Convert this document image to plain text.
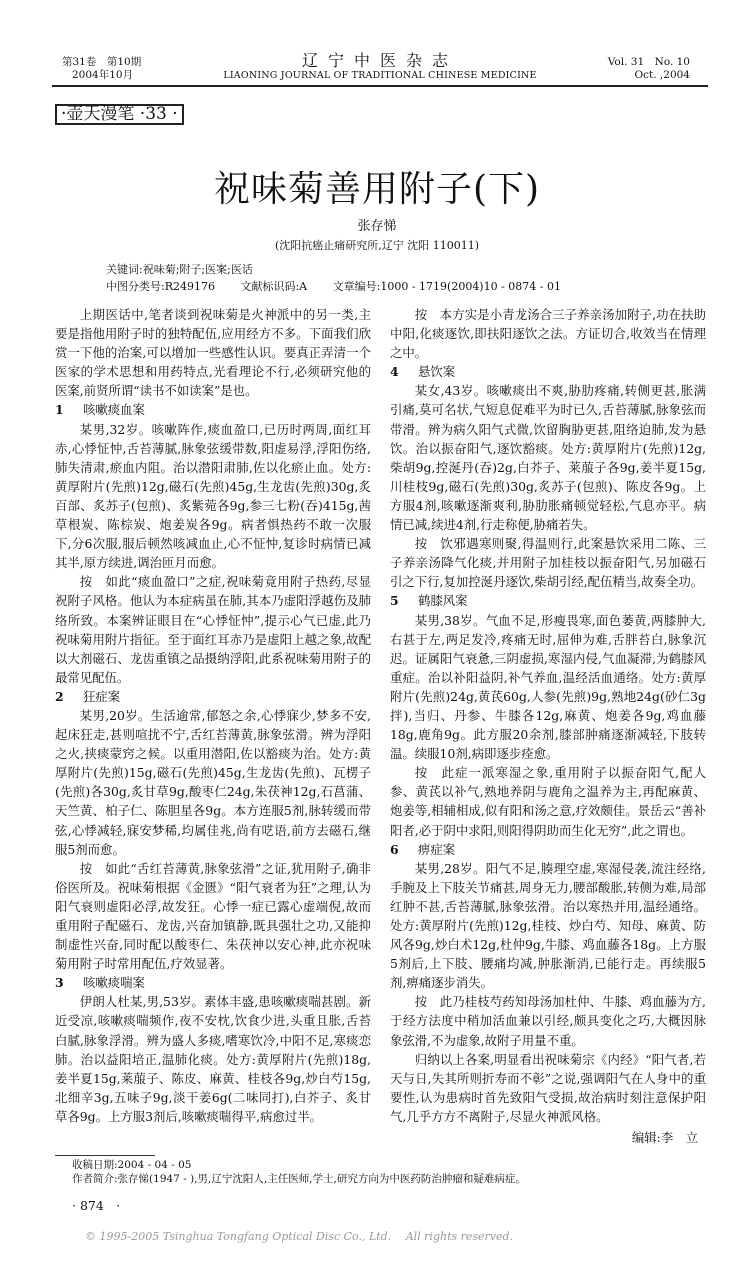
第31卷　第10期
2004年10月
辽宁中医杂志
LIAONING JOURNAL OF TRADITIONAL CHINESE MEDICINE
Vol. 31　No. 10
Oct. ,2004
·壶天漫笔 ·33 ·
祝味菊善用附子(下)
张存悌
(沈阳抗癌止痛研究所,辽宁 沈阳 110011)
关键词:祝味菊;附子;医案;医话
中图分类号:R249176　　 文献标识码:A　　 文章编号:1000 - 1719(2004)10 - 0874 - 01

上期医话中,笔者谈到祝味菊是火神派中的另一类,主要是指他用附子时的独特配伍,应用经方不多。下面我们欣赏一下他的治案,可以增加一些感性认识。要真正弄清一个医家的学术思想和用药特点,光看理论不行,必须研究他的医案,前贤所谓“读书不如读案”是也。

1 咳嗽痰血案

某男,32岁。咳嗽阵作,痰血盈口,已历时两周,面红耳赤,心悸怔忡,舌苔薄腻,脉象弦缓带数,阳虚易浮,浮阳伤络,肺失清肃,瘀血内阻。治以潜阳肃肺,佐以化瘀止血。处方:黄厚附片(先煎)12g,磁石(先煎)45g,生龙齿(先煎)30g,炙百部、炙苏子(包煎)、炙紫菀各9g,参三七粉(吞)415g,茜草根炭、陈棕炭、炮姜炭各9g。病者惧热药不敢一次服下,分6次服,服后顿然咳减血止,心不怔忡,复诊时病情已减其半,原方续进,调治匝月而愈。

按　如此“痰血盈口”之症,祝味菊竟用附子热药,尽显祝附子风格。他认为本症病虽在肺,其本乃虚阳浮越伤及肺络所致。本案辨证眼目在“心悸怔忡”,提示心气已虚,此乃祝味菊用附片指征。至于面红耳赤乃是虚阳上越之象,故配以大剂磁石、龙齿重镇之品摄纳浮阳,此系祝味菊用附子的最常见配伍。

2 狂症案

某男,20岁。生活逾常,郁怒之余,心悸寐少,梦多不安,起床狂走,甚则喧扰不宁,舌红苔薄黄,脉象弦滑。辨为浮阳之火,挟痰蒙窍之候。以重用潜阳,佐以豁痰为治。处方:黄厚附片(先煎)15g,磁石(先煎)45g,生龙齿(先煎)、瓦楞子(先煎)各30g,炙甘草9g,酸枣仁24g,朱茯神12g,石菖蒲、天竺黄、柏子仁、陈胆星各9g。本方连服5剂,脉转缓而带弦,心悸减轻,寐安梦稀,均属佳兆,尚有呓语,前方去磁石,继服5剂而愈。

按　如此“舌红苔薄黄,脉象弦滑”之证,犹用附子,确非俗医所及。祝味菊根据《金匮》“阳气衰者为狂”之理,认为阳气衰则虚阳必浮,故发狂。心悸一症已露心虚端倪,故而重用附子配磁石、龙齿,兴奋加镇静,既具强壮之功,又能抑制虚性兴奋,同时配以酸枣仁、朱茯神以安心神,此亦祝味菊用附子时常用配伍,疗效显著。

3 咳嗽痰喘案

伊朗人杜某,男,53岁。素体丰盛,患咳嗽痰喘甚剧。新近受凉,咳嗽痰喘频作,夜不安枕,饮食少进,头重且胀,舌苔白腻,脉象浮滑。辨为盛人多痰,嗜寒饮冷,中阳不足,寒痰恋肺。治以益阳培正,温肺化痰。处方:黄厚附片(先煎)18g,姜半夏15g,莱菔子、陈皮、麻黄、桂枝各9g,炒白芍15g,北细辛3g,五味子9g,淡干姜6g(二味同打),白芥子、炙甘草各9g。上方服3剂后,咳嗽痰喘得平,病愈过半。

按　本方实是小青龙汤合三子养亲汤加附子,功在扶助中阳,化痰逐饮,即扶阳逐饮之法。方证切合,收效当在情理之中。

4 悬饮案

某女,43岁。咳嗽痰出不爽,胁肋疼痛,转侧更甚,胀满引痛,莫可名状,气短息促难平为时已久,舌苔薄腻,脉象弦而带滑。辨为病久阳气式微,饮留胸胁更甚,阻络迫肺,发为悬饮。治以振奋阳气,逐饮豁痰。处方:黄厚附片(先煎)12g,柴胡9g,控涎丹(吞)2g,白芥子、莱菔子各9g,姜半夏15g,川桂枝9g,磁石(先煎)30g,炙苏子(包煎)、陈皮各9g。上方服4剂,咳嗽逐渐爽利,胁肋胀痛顿觉轻松,气息亦平。病情已减,续进4剂,行走称便,胁痛若失。

按　饮邪遇寒则聚,得温则行,此案悬饮采用二陈、三子养亲汤降气化痰,并用附子加桂枝以振奋阳气,另加磁石引之下行,复加控涎丹逐饮,柴胡引经,配伍精当,故奏全功。

5 鹤膝风案

某男,38岁。气血不足,形瘦畏寒,面色萎黄,两膝肿大,右甚于左,两足发冷,疼痛无时,屈伸为难,舌胖苔白,脉象沉迟。证属阳气衰惫,三阴虚损,寒湿内侵,气血凝滞,为鹤膝风重症。治以补阳益阴,补气养血,温经活血通络。处方:黄厚附片(先煎)24g,黄芪60g,人参(先煎)9g,熟地24g(砂仁3g拌),当归、丹参、牛膝各12g,麻黄、炮姜各9g,鸡血藤18g,鹿角9g。此方服20余剂,膝部肿痛逐渐减轻,下肢转温。续服10剂,病即逐步痊愈。

按　此症一派寒湿之象,重用附子以振奋阳气,配人参、黄芪以补气,熟地养阴与鹿角之温养为主,再配麻黄、炮姜等,相辅相成,似有阳和汤之意,疗效颇佳。景岳云“善补阳者,必于阴中求阳,则阳得阴助而生化无穷”,此之谓也。

6 痹症案

某男,28岁。阳气不足,腠理空虚,寒湿侵袭,流注经络,手腕及上下肢关节痛甚,周身无力,腰部酸胀,转侧为难,局部红肿不甚,舌苔薄腻,脉象弦滑。治以寒热并用,温经通络。处方:黄厚附片(先煎)12g,桂枝、炒白芍、知母、麻黄、防风各9g,炒白术12g,杜仲9g,牛膝、鸡血藤各18g。上方服5剂后,上下肢、腰痛均减,肿胀渐消,已能行走。再续服5剂,痹痛逐步消失。

按　此乃桂枝芍药知母汤加杜仲、牛膝、鸡血藤为方,于经方法度中稍加活血兼以引经,颇具变化之巧,大概因脉象弦滑,不为虚象,故附子用量不重。

归纳以上各案,明显看出祝味菊宗《内经》“阳气者,若天与日,失其所则折寿而不彰”之说,强调阳气在人身中的重要性,认为患病时首先致阳气受损,故治病时刻注意保护阳气,几乎方方不离附子,尽显火神派风格。

编辑:李　立
收稿日期:2004 - 04 - 05
作者简介:张存悌(1947 - ),男,辽宁沈阳人,主任医师,学士,研究方向为中医药防治肿瘤和疑难病症。
· 874　·
© 1995-2005 Tsinghua Tongfang Optical Disc Co., Ltd.　 All rights reserved.
